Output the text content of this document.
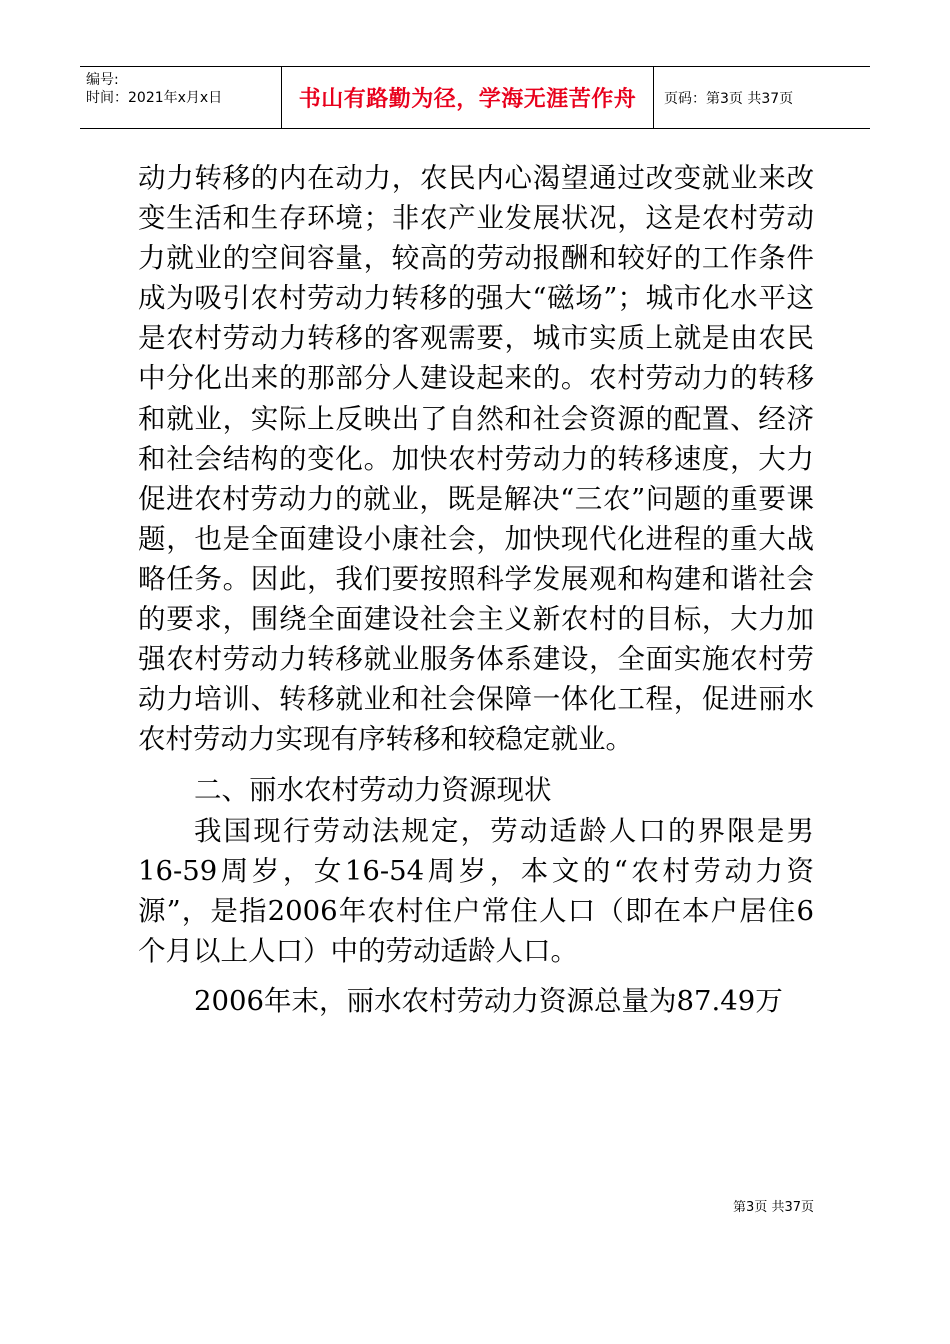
编号:
时间：2021年x月x日	书山有路勤为径，学海无涯苦作舟	页码：第3页 共37页

动力转移的内在动力，农民内心渴望通过改变就业来改变生活和生存环境；非农产业发展状况，这是农村劳动力就业的空间容量，较高的劳动报酬和较好的工作条件成为吸引农村劳动力转移的强大“磁场”；城市化水平这是农村劳动力转移的客观需要，城市实质上就是由农民中分化出来的那部分人建设起来的。农村劳动力的转移和就业，实际上反映出了自然和社会资源的配置、经济和社会结构的变化。加快农村劳动力的转移速度，大力促进农村劳动力的就业，既是解决“三农”问题的重要课题，也是全面建设小康社会，加快现代化进程的重大战略任务。因此，我们要按照科学发展观和构建和谐社会的要求，围绕全面建设社会主义新农村的目标，大力加强农村劳动力转移就业服务体系建设，全面实施农村劳动力培训、转移就业和社会保障一体化工程，促进丽水农村劳动力实现有序转移和较稳定就业。

二、丽水农村劳动力资源现状

我国现行劳动法规定，劳动适龄人口的界限是男16-59周岁，女16-54周岁，本文的“农村劳动力资源”，是指2006年农村住户常住人口（即在本户居住6个月以上人口）中的劳动适龄人口。

2006年末，丽水农村劳动力资源总量为87.49万

第3页 共37页
